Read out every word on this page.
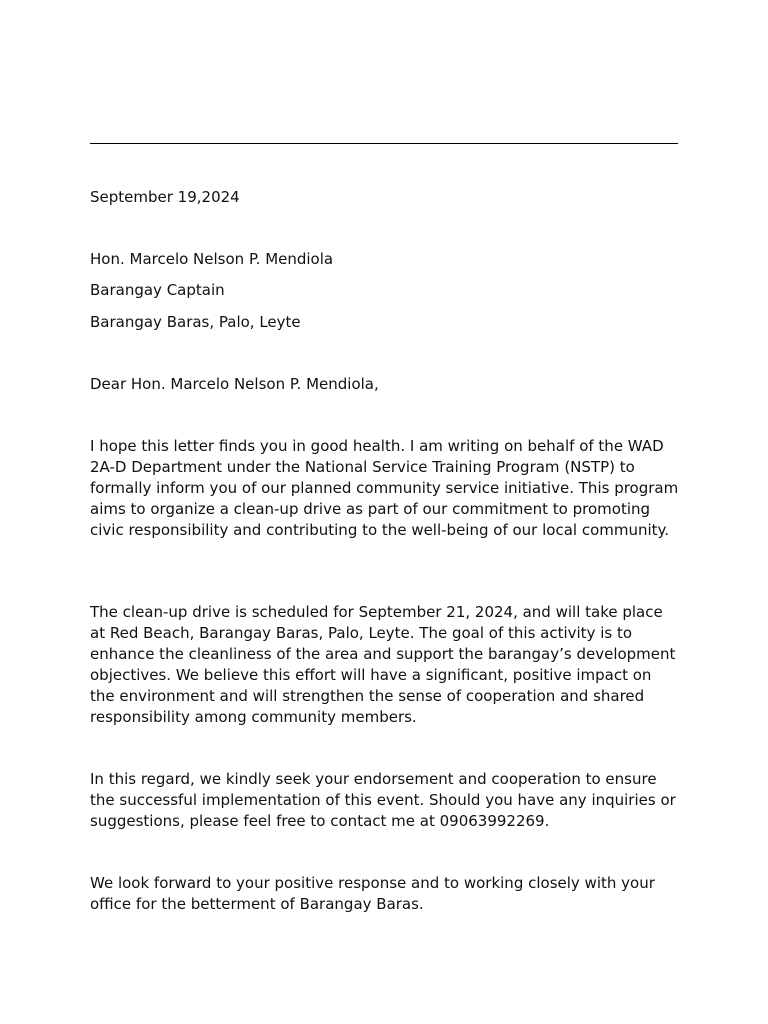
September 19,2024

Hon. Marcelo Nelson P. Mendiola

Barangay Captain

Barangay Baras, Palo, Leyte

Dear Hon. Marcelo Nelson P. Mendiola,

I hope this letter finds you in good health. I am writing on behalf of the WAD 2A-D Department under the National Service Training Program (NSTP) to formally inform you of our planned community service initiative. This program aims to organize a clean-up drive as part of our commitment to promoting civic responsibility and contributing to the well-being of our local community.

The clean-up drive is scheduled for September 21, 2024, and will take place at Red Beach, Barangay Baras, Palo, Leyte. The goal of this activity is to enhance the cleanliness of the area and support the barangay’s development objectives. We believe this effort will have a significant, positive impact on the environment and will strengthen the sense of cooperation and shared responsibility among community members.

In this regard, we kindly seek your endorsement and cooperation to ensure the successful implementation of this event. Should you have any inquiries or suggestions, please feel free to contact me at 09063992269.

We look forward to your positive response and to working closely with your office for the betterment of Barangay Baras.
